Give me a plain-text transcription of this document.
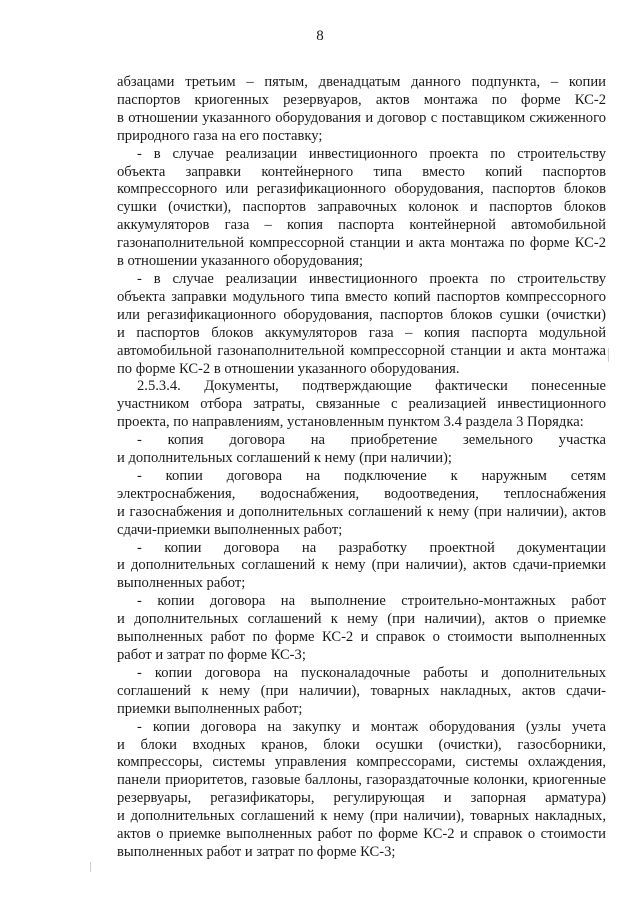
8
абзацами третьим – пятым, двенадцатым данного подпункта, – копии
паспортов криогенных резервуаров, актов монтажа по форме КС-2
в отношении указанного оборудования и договор с поставщиком сжиженного
природного газа на его поставку;
- в случае реализации инвестиционного проекта по строительству
объекта заправки контейнерного типа вместо копий паспортов
компрессорного или регазификационного оборудования, паспортов блоков
сушки (очистки), паспортов заправочных колонок и паспортов блоков
аккумуляторов газа – копия паспорта контейнерной автомобильной
газонаполнительной компрессорной станции и акта монтажа по форме КС-2
в отношении указанного оборудования;
- в случае реализации инвестиционного проекта по строительству
объекта заправки модульного типа вместо копий паспортов компрессорного
или регазификационного оборудования, паспортов блоков сушки (очистки)
и паспортов блоков аккумуляторов газа – копия паспорта модульной
автомобильной газонаполнительной компрессорной станции и акта монтажа
по форме КС-2 в отношении указанного оборудования.
2.5.3.4. Документы, подтверждающие фактически понесенные
участником отбора затраты, связанные с реализацией инвестиционного
проекта, по направлениям, установленным пунктом 3.4 раздела 3 Порядка:
- копия договора на приобретение земельного участка
и дополнительных соглашений к нему (при наличии);
- копии договора на подключение к наружным сетям
электроснабжения, водоснабжения, водоотведения, теплоснабжения
и газоснабжения и дополнительных соглашений к нему (при наличии), актов
сдачи-приемки выполненных работ;
- копии договора на разработку проектной документации
и дополнительных соглашений к нему (при наличии), актов сдачи-приемки
выполненных работ;
- копии договора на выполнение строительно-монтажных работ
и дополнительных соглашений к нему (при наличии), актов о приемке
выполненных работ по форме КС-2 и справок о стоимости выполненных
работ и затрат по форме КС-3;
- копии договора на пусконаладочные работы и дополнительных
соглашений к нему (при наличии), товарных накладных, актов сдачи-
приемки выполненных работ;
- копии договора на закупку и монтаж оборудования (узлы учета
и блоки входных кранов, блоки осушки (очистки), газосборники,
компрессоры, системы управления компрессорами, системы охлаждения,
панели приоритетов, газовые баллоны, газораздаточные колонки, криогенные
резервуары, регазификаторы, регулирующая и запорная арматура)
и дополнительных соглашений к нему (при наличии), товарных накладных,
актов о приемке выполненных работ по форме КС-2 и справок о стоимости
выполненных работ и затрат по форме КС-3;
